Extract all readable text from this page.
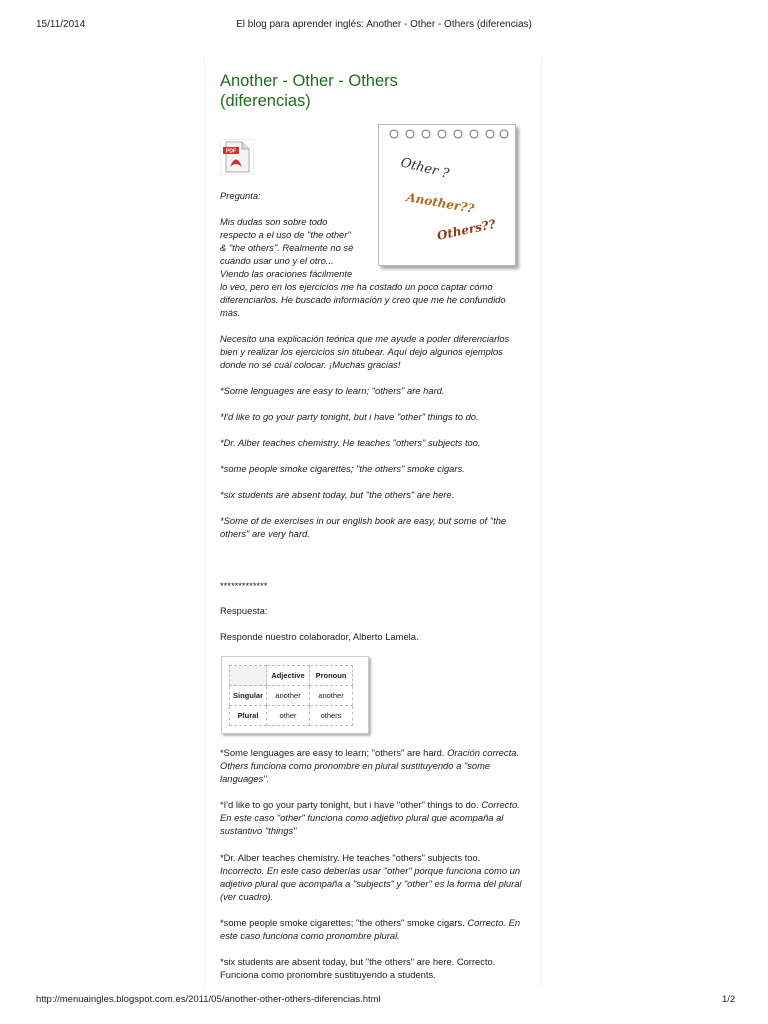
15/11/2014	El blog para aprender inglés: Another - Other - Others (diferencias)
Another - Other - Others
(diferencias)
PDF
Other ?
Another??
Others??
Pregunta:
Mis dudas son sobre todo
respecto a el uso de "the other"
& "the others". Realmente no sé
cuándo usar uno y el otro...
Viendo las oraciones fácilmente
lo veo, pero en los ejercicios me ha costado un poco captar cómo diferenciarlos. He buscado información y creo que me he confundido más.
Necesito una explicación teórica que me ayude a poder diferenciarlos bien y realizar los ejercicios sin titubear. Aquí dejo algunos ejemplos donde no sé cuál colocar. ¡Muchas gracias!
*Some lenguages are easy to learn; "others" are hard.
*I'd like to go your party tonight, but i have "other" things to do.
*Dr. Alber teaches chemistry. He teaches "others" subjects too.
*some people smoke cigarettes; "the others" smoke cigars.
*six students are absent today, but "the others" are here.
*Some of de exercises in our english book are easy, but some of "the others" are very hard.
*************
Respuesta:
Responde nuestro colaborador, Alberto Lamela.
	Adjective	Pronoun
Singular	another	another
Plural	other	others
*Some lenguages are easy to learn; "others" are hard. Oración correcta. Others funciona como pronombre en plural sustituyendo a "some languages".
*I'd like to go your party tonight, but i have "other" things to do. Correcto. En este caso "other" funciona como adjetivo plural que acompaña al sustantivo "things"
*Dr. Alber teaches chemistry. He teaches "others" subjects too. Incorrecto. En este caso deberías usar "other" porque funciona como un adjetivo plural que acompaña a "subjects" y "other" es la forma del plural (ver cuadro).
*some people smoke cigarettes; "the others" smoke cigars. Correcto. En este caso funciona como pronombre plural.
*six students are absent today, but "the others" are here. Correcto. Funciona como pronombre sustituyendo a students.
http://menuaingles.blogspot.com.es/2011/05/another-other-others-diferencias.html	1/2
